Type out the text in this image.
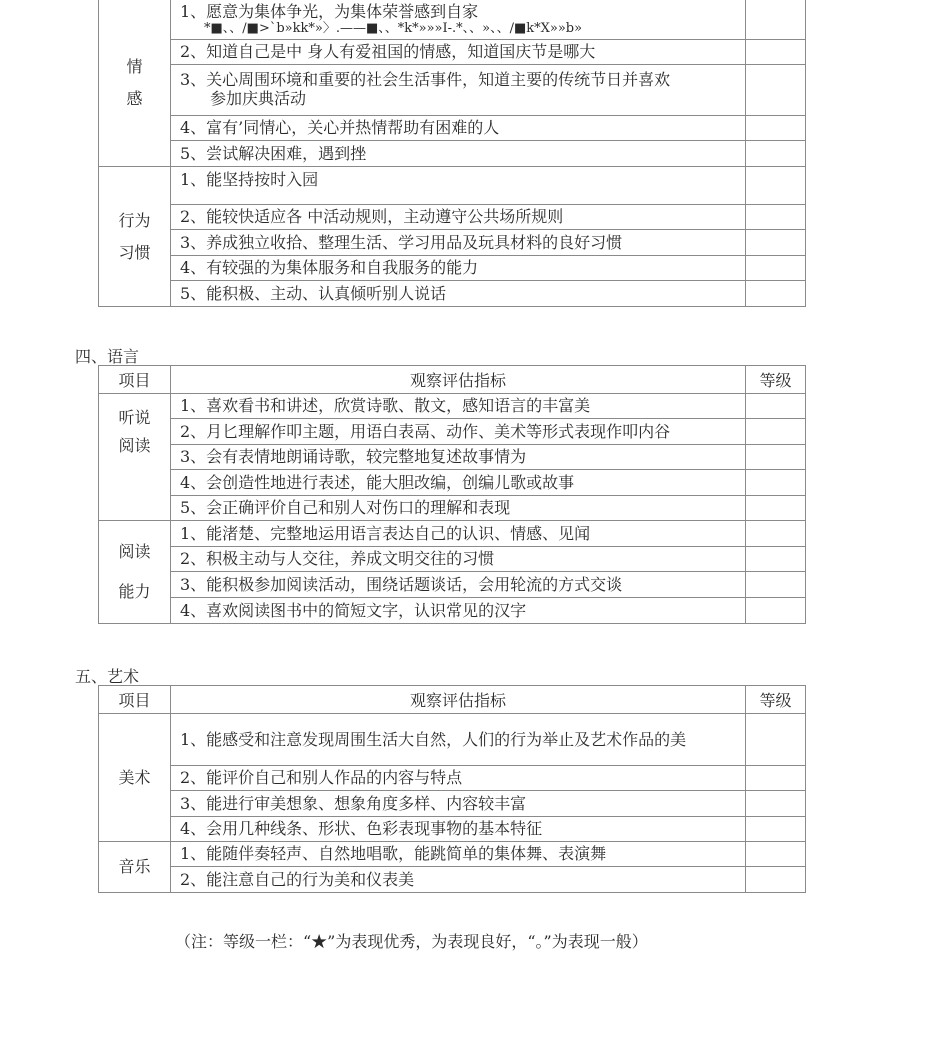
情
感	1、愿意为集体争光，为集体荣誉感到自家
*■、、/■>`b»kk*»〉.——■、、*k*»»»I-.*、、»、、/■k*X»»b»	

	2、知道自己是中 身人有爱祖国的情感，知道国庆节是哪大	

	3、关心周围环境和重要的社会生活事件，知道主要的传统节日并喜欢
参加庆典活动	

	4、富有’同情心，关心并热情帮助有困难的人	
	5、尝试解决困难，遇到挫	

行为
习惯	1、能坚持按时入园	
	2、能较快适应各 中活动规则，主动遵守公共场所规则	
	3、养成独立收拾、整理生活、学习用品及玩具材料的良好习惯	
	4、有较强的为集体服务和自我服务的能力	
	5、能积极、主动、认真倾听别人说话	
四、语言
项目	观察评估指标	等级

听说
阅读	1、喜欢看书和讲述，欣赏诗歌、散文，感知语言的丰富美	
	2、月匕理解作叩主题，用语白表鬲、动作、美术等形式表现作叩内谷	
	3、会有表情地朗诵诗歌，较完整地复述故事情为	
	4、会创造性地进行表述，能大胆改编，创编儿歌或故事	
	5、会正确评价自己和别人对伤口的理解和表现	

阅读
能力	1、能渚楚、完整地运用语言表达自己的认识、情感、见闻	
	2、积极主动与人交往，养成文明交往的习惯	
	3、能积极参加阅读活动，围绕话题谈话，会用轮流的方式交谈	
	4、喜欢阅读图书中的简短文字，认识常见的汉字	
五、艺术
项目	观察评估指标	等级
美术	1、能感受和注意发现周围生活大自然，人们的行为举止及艺术作品的美	
	2、能评价自己和别人作品的内容与特点	
	3、能进行审美想象、想象角度多样、内容较丰富	
	4、会用几种线条、形状、色彩表现事物的基本特征	
音乐	1、能随伴奏轻声、自然地唱歌，能跳简单的集体舞、表演舞	
	2、能注意自己的行为美和仪表美	
（注：等级一栏：“★”为表现优秀，为表现良好，“。”为表现一般）
